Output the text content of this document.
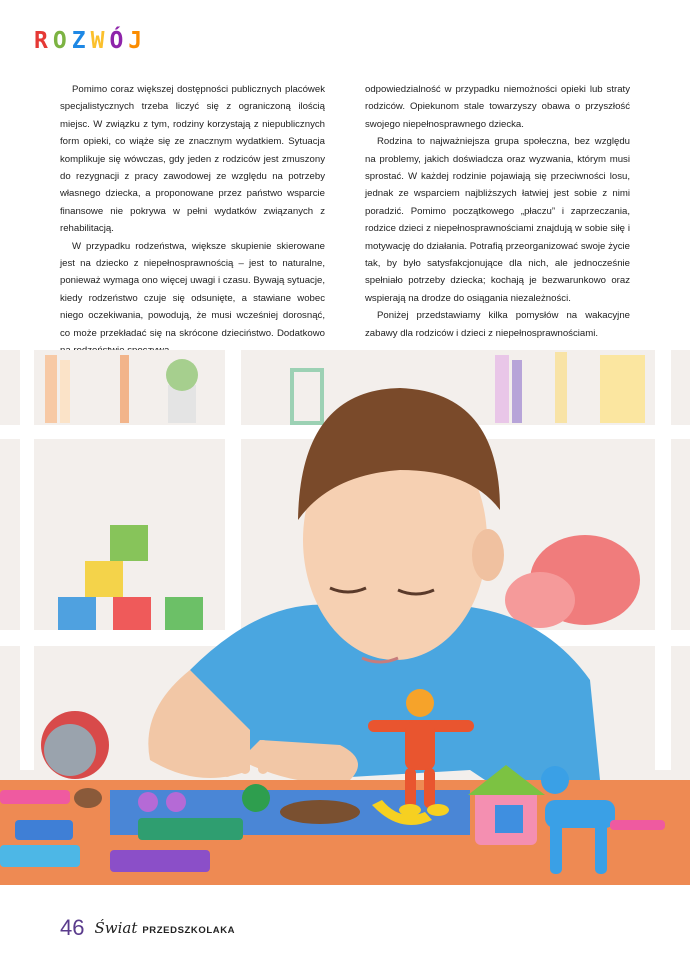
ROZWÓJ

Pomimo coraz większej dostępności publicznych placówek specjalistycznych trzeba liczyć się z ograniczoną ilością miejsc. W związku z tym, rodziny korzystają z niepublicznych form opieki, co wiąże się ze znacznym wydatkiem. Sytuacja komplikuje się wówczas, gdy jeden z rodziców jest zmuszony do rezygnacji z pracy zawodowej ze względu na potrzeby własnego dziecka, a proponowane przez państwo wsparcie finansowe nie pokrywa w pełni wydatków związanych z rehabilitacją.

W przypadku rodzeństwa, większe skupienie skierowane jest na dziecko z niepełnosprawnością – jest to naturalne, ponieważ wymaga ono więcej uwagi i czasu. Bywają sytuacje, kiedy rodzeństwo czuje się odsunięte, a stawiane wobec niego oczekiwania, powodują, że musi wcześniej dorosnąć, co może przekładać się na skrócone dzieciństwo. Dodatkowo

odpowiedzialność w przypadku niemożności opieki lub straty rodziców. Opiekunom stale towarzyszy obawa o przyszłość swojego niepełnosprawnego dziecka.

Rodzina to najważniejsza grupa społeczna, bez względu na problemy, jakich doświadcza oraz wyzwania, którym musi sprostać. W każdej rodzinie pojawiają się przeciwności losu, jednak ze wsparciem najbliższych łatwiej jest sobie z nimi poradzić. Pomimo początkowego „płaczu” i zaprzeczania, rodzice dzieci z niepełnosprawnościami znajdują w sobie siłę i motywację do działania. Potrafią przeorganizować swoje życie tak, by było satysfakcjonujące dla nich, ale jednocześnie spełniało potrzeby dziecka; kochają je bezwarunkowo oraz wspierają na drodze do osiągania niezależności.

Poniżej przedstawiamy kilka pomysłów na wakacyjne zabawy dla rodziców i dzieci z niepełnosprawnościami.

46 Świat PRZEDSZKOLAKA
